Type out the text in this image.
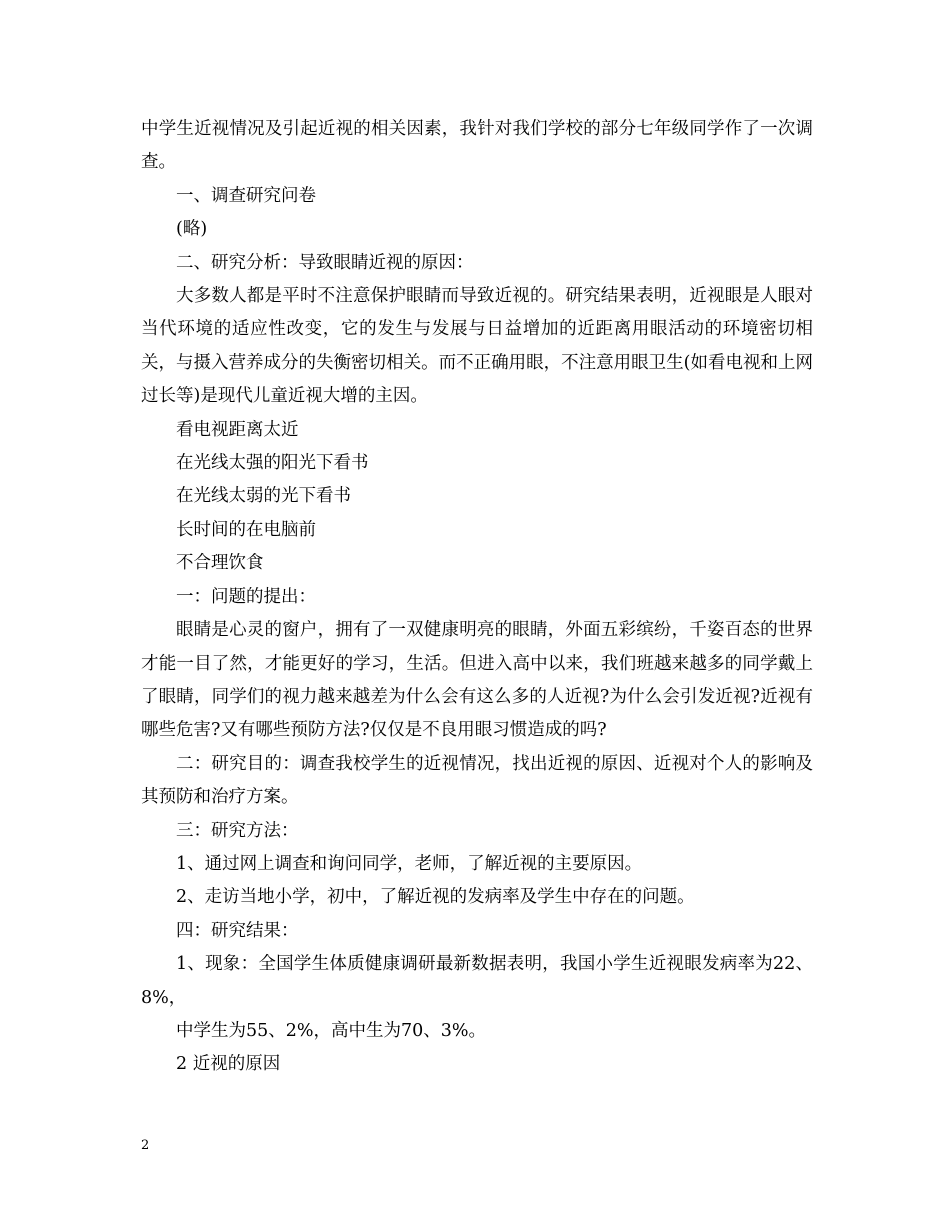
中学生近视情况及引起近视的相关因素，我针对我们学校的部分七年级同学作了一次调查。

一、调查研究问卷

(略)

二、研究分析：导致眼睛近视的原因：

大多数人都是平时不注意保护眼睛而导致近视的。研究结果表明，近视眼是人眼对当代环境的适应性改变，它的发生与发展与日益增加的近距离用眼活动的环境密切相关，与摄入营养成分的失衡密切相关。而不正确用眼，不注意用眼卫生(如看电视和上网过长等)是现代儿童近视大增的主因。

看电视距离太近

在光线太强的阳光下看书

在光线太弱的光下看书

长时间的在电脑前

不合理饮食

一：问题的提出：

眼睛是心灵的窗户，拥有了一双健康明亮的眼睛，外面五彩缤纷，千姿百态的世界才能一目了然，才能更好的学习，生活。但进入高中以来，我们班越来越多的同学戴上了眼睛，同学们的视力越来越差为什么会有这么多的人近视?为什么会引发近视?近视有哪些危害?又有哪些预防方法?仅仅是不良用眼习惯造成的吗?

二：研究目的：调查我校学生的近视情况，找出近视的原因、近视对个人的影响及其预防和治疗方案。

三：研究方法：

1、通过网上调查和询问同学，老师，了解近视的主要原因。

2、走访当地小学，初中，了解近视的发病率及学生中存在的问题。

四：研究结果：

1、现象：全国学生体质健康调研最新数据表明，我国小学生近视眼发病率为22、8%，

中学生为55、2%，高中生为70、3%。

2 近视的原因

2
